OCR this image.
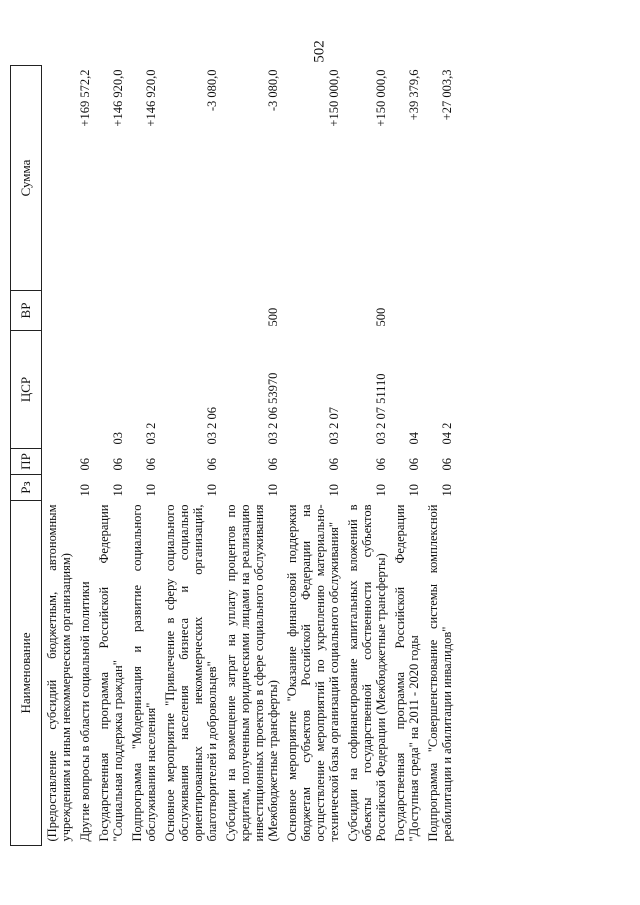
502
Наименование	Рз	ПР	ЦСР	ВР	Сумма
(Предоставление субсидий бюджетным, автономным учреждениям и иным некоммерческим организациям)					
Другие вопросы в области социальной политики	10	06			+169 572,2
Государственная программа Российской Федерации "Социальная поддержка граждан"	10	06	03		+146 920,0
Подпрограмма "Модернизация и развитие социального обслуживания населения"	10	06	03 2		+146 920,0
Основное мероприятие "Привлечение в сферу социального обслуживания населения бизнеса и социально ориентированных некоммерческих организаций, благотворителей и добровольцев"	10	06	03 2 06		-3 080,0
Субсидии на возмещение затрат на уплату процентов по кредитам, полученным юридическими лицами на реализацию инвестиционных проектов в сфере социального обслуживания (Межбюджетные трансферты)	10	06	03 2 06 53970	500	-3 080,0
Основное мероприятие "Оказание финансовой поддержки бюджетам субъектов Российской Федерации на осуществление мероприятий по укреплению материально-технической базы организаций социального обслуживания"	10	06	03 2 07		+150 000,0
Субсидии на софинансирование капитальных вложений в объекты государственной собственности субъектов Российской Федерации (Межбюджетные трансферты)	10	06	03 2 07 51110	500	+150 000,0
Государственная программа Российской Федерации "Доступная среда" на 2011 - 2020 годы	10	06	04		+39 379,6
Подпрограмма "Совершенствование системы комплексной реабилитации и абилитации инвалидов"	10	06	04 2		+27 003,3
